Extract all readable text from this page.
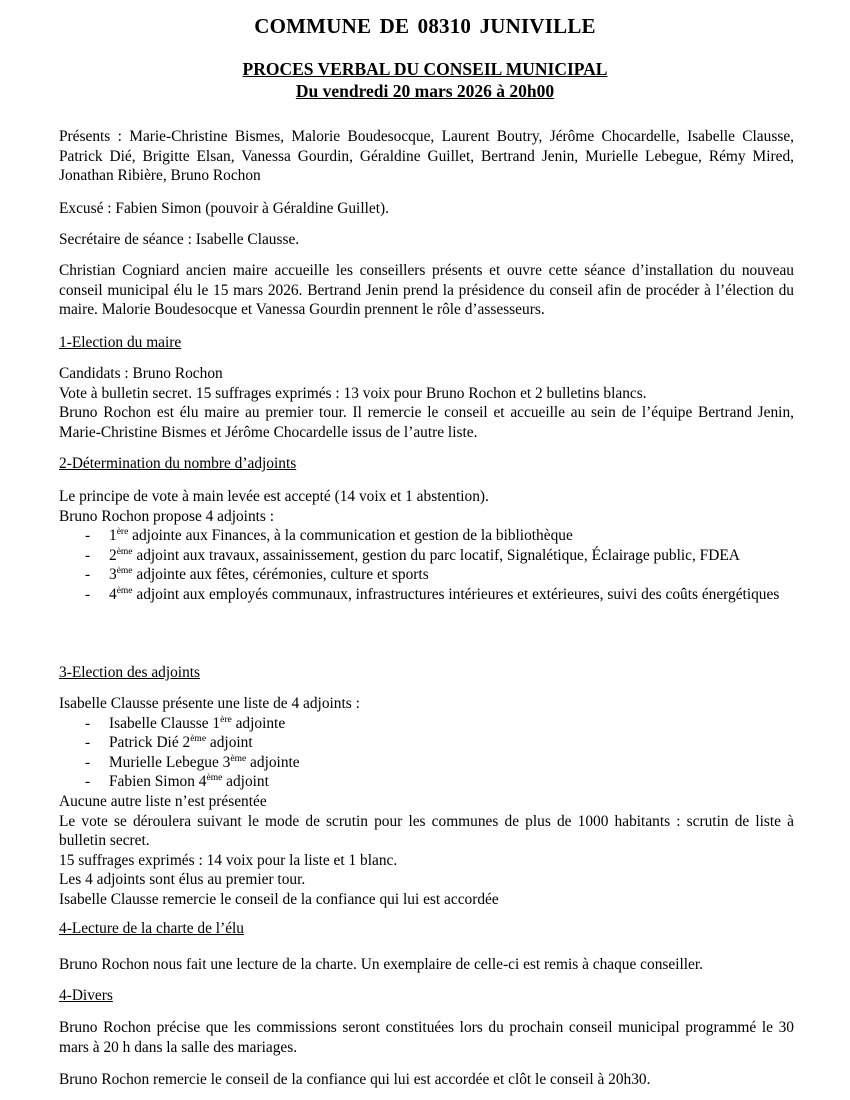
COMMUNE DE 08310 JUNIVILLE
PROCES VERBAL DU CONSEIL MUNICIPAL
Du vendredi 20 mars 2026 à 20h00
Présents : Marie-Christine Bismes, Malorie Boudesocque, Laurent Boutry, Jérôme Chocardelle, Isabelle Clausse, Patrick Dié, Brigitte Elsan, Vanessa Gourdin, Géraldine Guillet, Bertrand Jenin, Murielle Lebegue, Rémy Mired, Jonathan Ribière, Bruno Rochon
Excusé : Fabien Simon (pouvoir à Géraldine Guillet).
Secrétaire de séance : Isabelle Clausse.
Christian Cogniard ancien maire accueille les conseillers présents et ouvre cette séance d’installation du nouveau conseil municipal élu le 15 mars 2026. Bertrand Jenin prend la présidence du conseil afin de procéder à l’élection du maire. Malorie Boudesocque et Vanessa Gourdin prennent le rôle d’assesseurs.
1-Election du maire
Candidats : Bruno Rochon
Vote à bulletin secret. 15 suffrages exprimés : 13 voix pour Bruno Rochon et 2 bulletins blancs.
Bruno Rochon est élu maire au premier tour. Il remercie le conseil et accueille au sein de l’équipe Bertrand Jenin, Marie-Christine Bismes et Jérôme Chocardelle issus de l’autre liste.
2-Détermination du nombre d’adjoints
Le principe de vote à main levée est accepté (14 voix et 1 abstention).
Bruno Rochon propose 4 adjoints :
- 1ère adjointe aux Finances, à la communication et gestion de la bibliothèque
- 2ème adjoint aux travaux, assainissement, gestion du parc locatif, Signalétique, Éclairage public, FDEA
- 3ème adjointe aux fêtes, cérémonies, culture et sports
- 4ème adjoint aux employés communaux, infrastructures intérieures et extérieures, suivi des coûts énergétiques
3-Election des adjoints
Isabelle Clausse présente une liste de 4 adjoints :
- Isabelle Clausse 1ère adjointe
- Patrick Dié 2ème adjoint
- Murielle Lebegue 3ème adjointe
- Fabien Simon 4ème adjoint
Aucune autre liste n’est présentée
Le vote se déroulera suivant le mode de scrutin pour les communes de plus de 1000 habitants : scrutin de liste à bulletin secret.
15 suffrages exprimés : 14 voix pour la liste et 1 blanc.
Les 4 adjoints sont élus au premier tour.
Isabelle Clausse remercie le conseil de la confiance qui lui est accordée
4-Lecture de la charte de l’élu
Bruno Rochon nous fait une lecture de la charte. Un exemplaire de celle-ci est remis à chaque conseiller.
4-Divers
Bruno Rochon précise que les commissions seront constituées lors du prochain conseil municipal programmé le 30 mars à 20 h dans la salle des mariages.
Bruno Rochon remercie le conseil de la confiance qui lui est accordée et clôt le conseil à 20h30.
